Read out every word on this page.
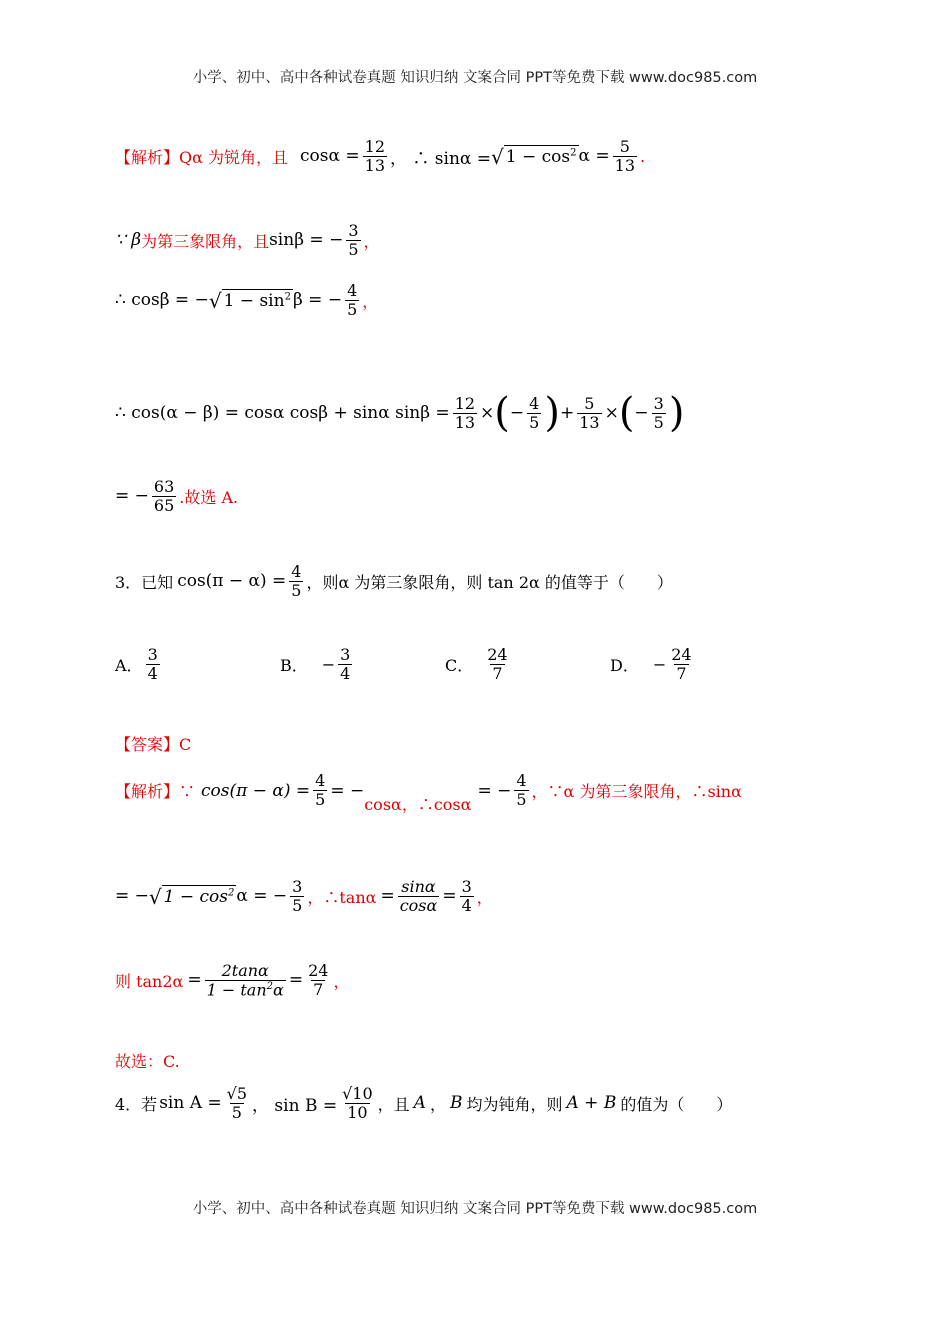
小学、初中、高中各种试卷真题 知识归纳 文案合同 PPT等免费下载 www.doc985.com
【解析】 Qα 为锐角，且 $\cos\alpha = \frac{12}{13}$ ， ∴ sinα = √ $1 - \cos^2 \alpha = \frac{5}{13}$ .
∵ β 为第三象限角，且 sinβ = − $\frac{3}{5}$ ，
∴ cosβ = − √ $1 - \sin^2 \beta$ = − $\frac{4}{5}$ ，
∴ cos(α − β) = cosα cosβ + sinα $\sin\beta = \frac{12}{13}$ × ( − $\frac{4}{5}$ ) + $\frac{5}{13}$ × ( − $\frac{3}{5}$ )
= − $\frac{63}{65}$ .故选 A.
3．已知 $\cos(\pi - \alpha) = \frac{4}{5}$ ，则α 为第三象限角，则 tan 2α 的值等于（　　）
A． $\frac{3}{4}$	B． − $\frac{3}{4}$	C． $\frac{24}{7}$	D． − $\frac{24}{7}$
【答案】C
【解析】∵ $\cos(\pi - \alpha) = \frac{4}{5}$ = −
cosα，∴cosα
= − $\frac{4}{5}$ ，∵α 为第三象限角，∴sinα
= − √ $1 - \cos^2 \alpha$ = − $\frac{3}{5}$ ，∴tanα = $\frac{\sin\alpha}{\cos\alpha} = \frac{3}{4}$ ，
则 $\tan 2\alpha = \frac{2\tan\alpha}{1 - \tan^2\alpha} = \frac{24}{7}$ ，
故选：C.
4．若 $\sin A = \frac{√5}{5}$ ， $\sin B = \frac{√10}{10}$ ，且 A ， B 均为钝角，则 A + B 的值为（　　）
小学、初中、高中各种试卷真题 知识归纳 文案合同 PPT等免费下载 www.doc985.com
